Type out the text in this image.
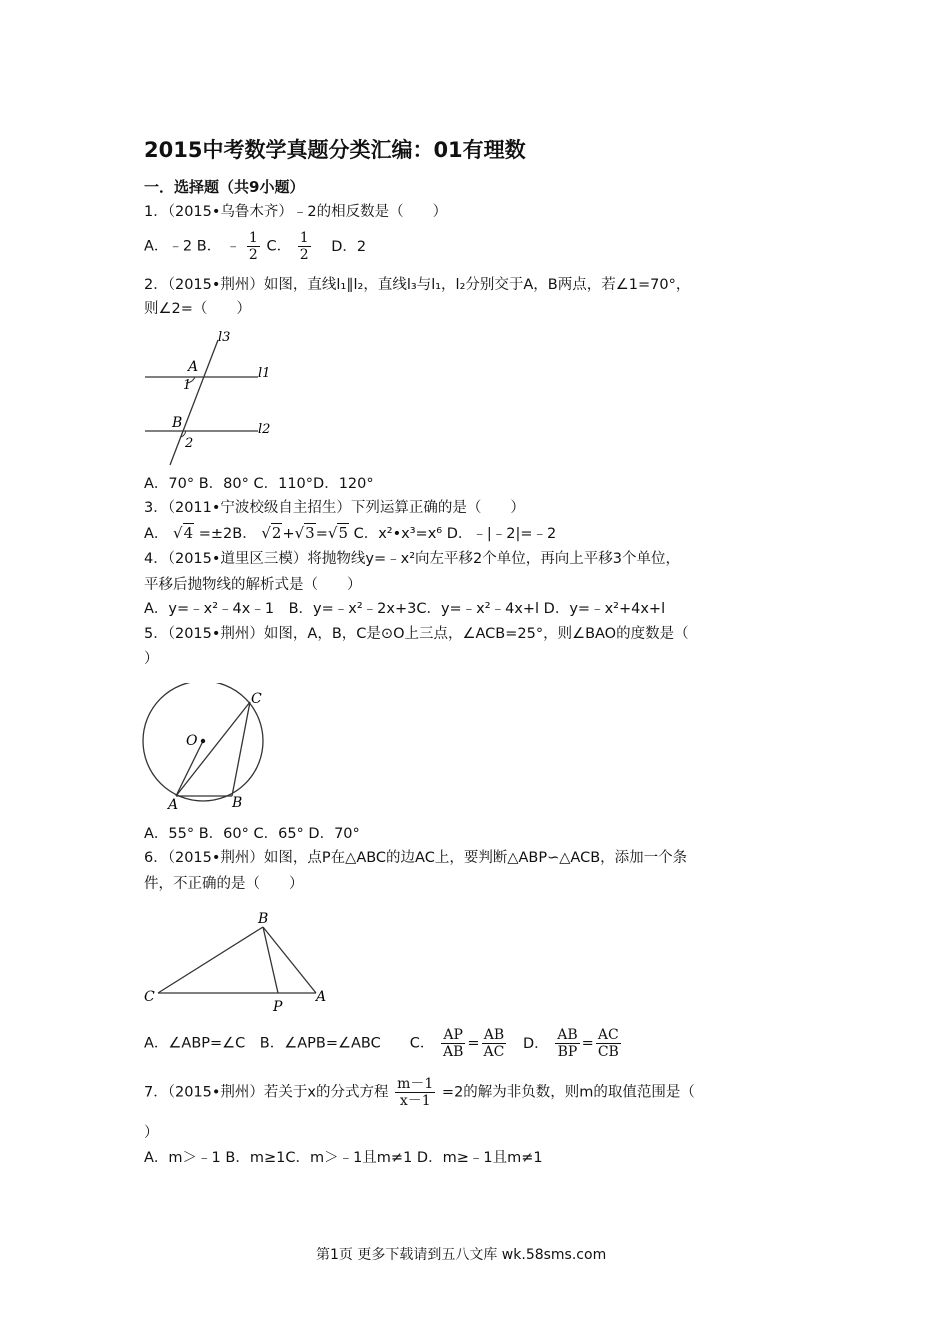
2015中考数学真题分类汇编：01有理数
一．选择题（共9小题）
1．（2015•乌鲁木齐）﹣2的相反数是（　　）
A．﹣2 B． ﹣ $\frac{1}{2}$ C． $\frac{1}{2}$ D．2
2．（2015•荆州）如图，直线l₁∥l₂，直线l₃与l₁，l₂分别交于A，B两点，若∠1=70°，
则∠2=（　　）
l3
l1
l2
A
B
1
2
A．70° B．80° C．110°D．120°
3．（2011•宁波校级自主招生）下列运算正确的是（　　）
A． √4 =±2B． √2+√3=√5 C．x²•x³=x⁶ D．﹣|﹣2|=﹣2
4．（2015•道里区三模）将抛物线y=﹣x²向左平移2个单位，再向上平移3个单位，
平移后抛物线的解析式是（　　）
A．y=﹣x²﹣4x﹣1　B．y=﹣x²﹣2x+3C．y=﹣x²﹣4x+l D．y=﹣x²+4x+l
5．（2015•荆州）如图，A，B，C是⊙O上三点，∠ACB=25°，则∠BAO的度数是（
）
O
A	B
C
A．55° B．60° C．65° D．70°
6．（2015•荆州）如图，点P在△ABC的边AC上，要判断△ABP∽△ACB，添加一个条
件，不正确的是（　　）
B
C
P
A
A．∠ABP=∠C　B．∠APB=∠ABC　　C． $\frac{AP}{AB} = \frac{AB}{AC}$ D． $\frac{AB}{BP} = \frac{AC}{CB}$
7．（2015•荆州）若关于x的分式方程 $\frac{m-1}{x-1} =2$的解为非负数，则m的取值范围是（
）
A．m＞﹣1 B．m≥1C．m＞﹣1且m≠1 D．m≥﹣1且m≠1
第1页 更多下载请到五八文库 wk.58sms.com
